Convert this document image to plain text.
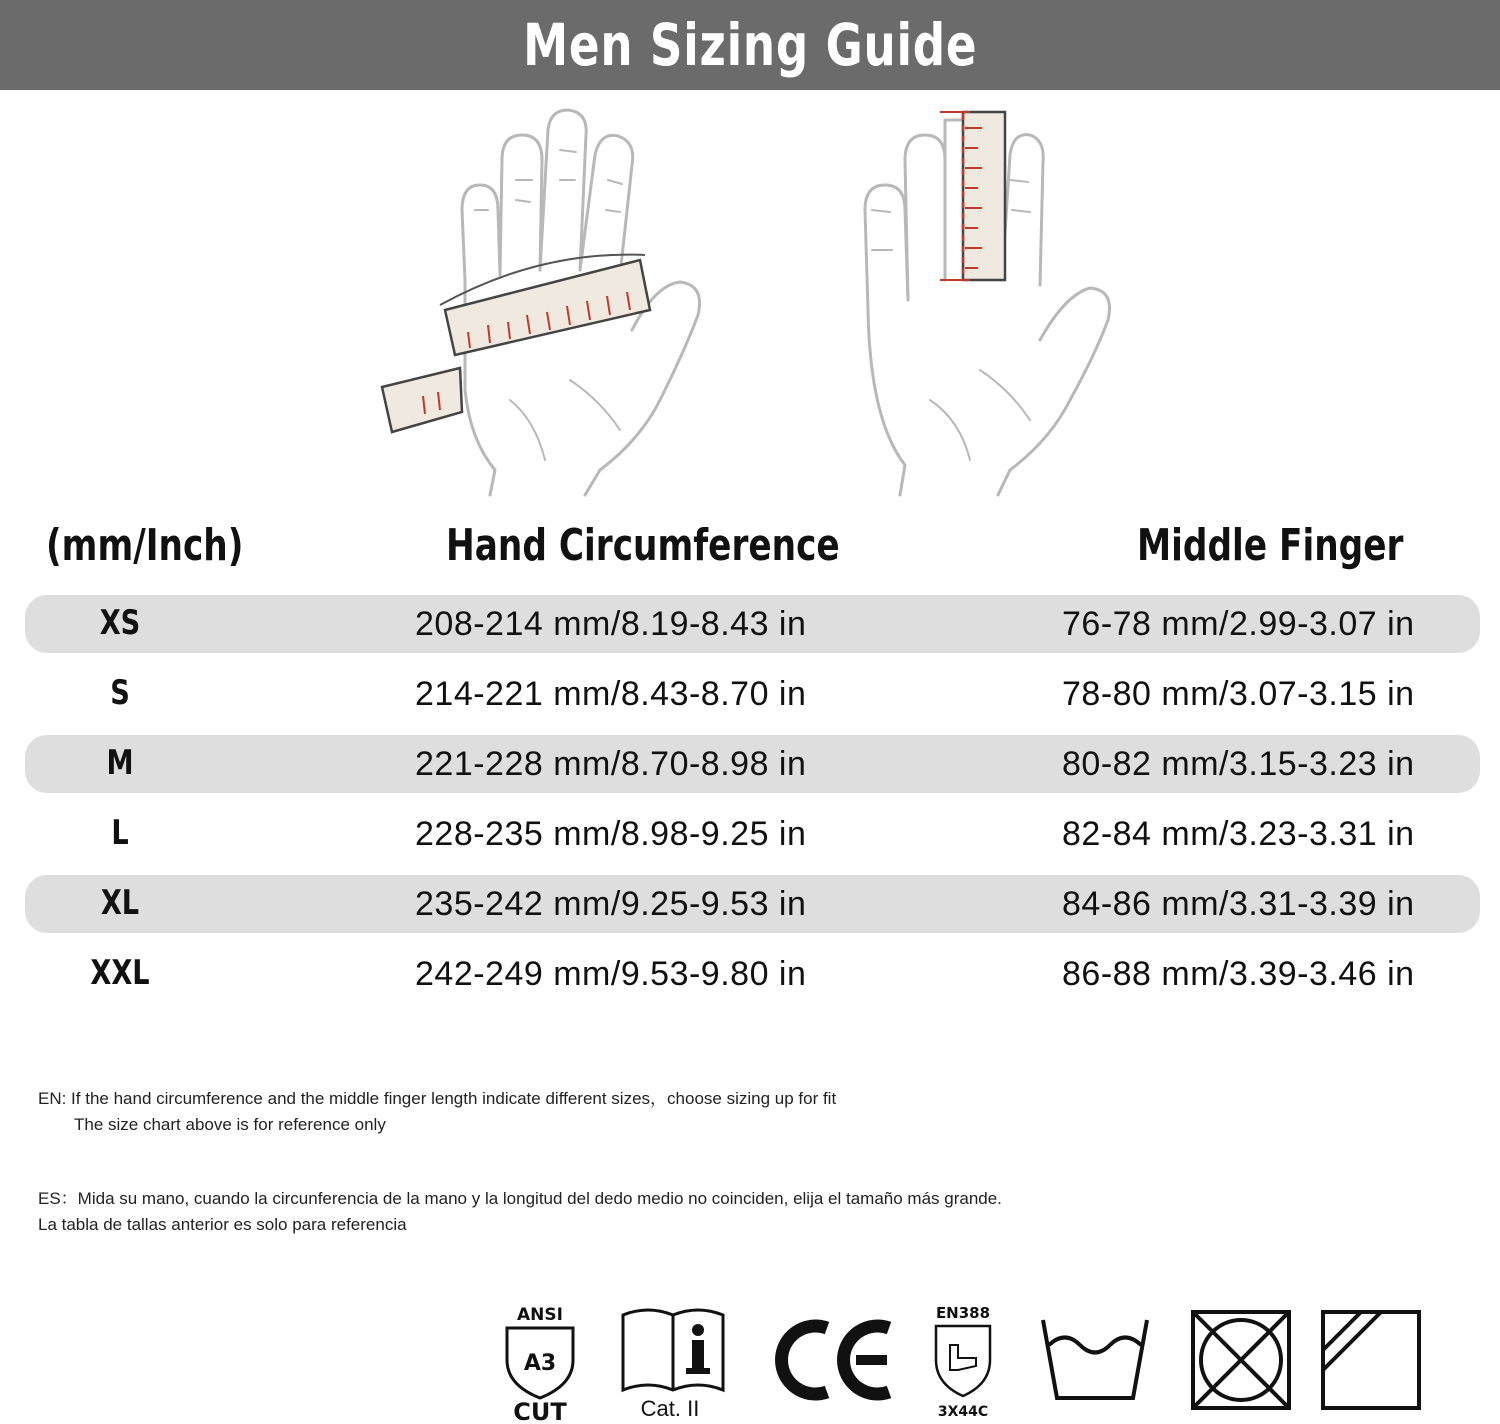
Men Sizing Guide
(mm/Inch)	Hand Circumference	Middle Finger
XS	208-214 mm/8.19-8.43 in	76-78 mm/2.99-3.07 in
S	214-221 mm/8.43-8.70 in	78-80 mm/3.07-3.15 in
M	221-228 mm/8.70-8.98 in	80-82 mm/3.15-3.23 in
L	228-235 mm/8.98-9.25 in	82-84 mm/3.23-3.31 in
XL	235-242 mm/9.25-9.53 in	84-86 mm/3.31-3.39 in
XXL	242-249 mm/9.53-9.80 in	86-88 mm/3.39-3.46 in
EN: If the hand circumference and the middle finger length indicate different sizes，choose sizing up for fit
The size chart above is for reference only
ES：Mida su mano, cuando la circunferencia de la mano y la longitud del dedo medio no coinciden, elija el tamaño más grande.
La tabla de tallas anterior es solo para referencia
ANSI
A3
CUT	Cat. II
EN388
3X44C
